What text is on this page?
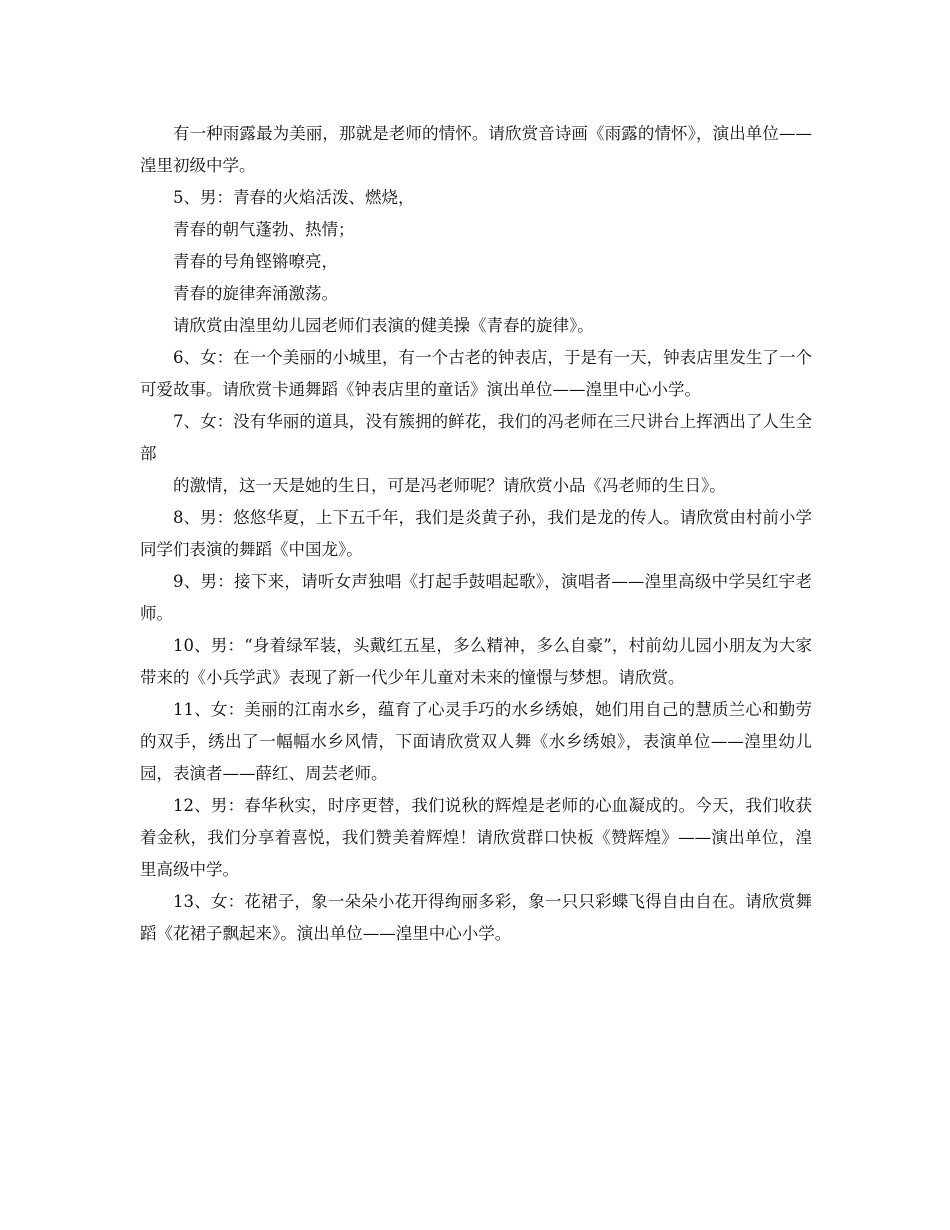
有一种雨露最为美丽，那就是老师的情怀。请欣赏音诗画《雨露的情怀》，演出单位——湟里初级中学。

5、男：青春的火焰活泼、燃烧，

青春的朝气蓬勃、热情；

青春的号角铿锵嘹亮，

青春的旋律奔涌激荡。

请欣赏由湟里幼儿园老师们表演的健美操《青春的旋律》。

6、女：在一个美丽的小城里，有一个古老的钟表店，于是有一天，钟表店里发生了一个可爱故事。请欣赏卡通舞蹈《钟表店里的童话》演出单位——湟里中心小学。

7、女：没有华丽的道具，没有簇拥的鲜花，我们的冯老师在三尺讲台上挥洒出了人生全部

的激情，这一天是她的生日，可是冯老师呢？请欣赏小品《冯老师的生日》。

8、男：悠悠华夏，上下五千年，我们是炎黄子孙，我们是龙的传人。请欣赏由村前小学同学们表演的舞蹈《中国龙》。

9、男：接下来，请听女声独唱《打起手鼓唱起歌》，演唱者——湟里高级中学吴红宇老师。

10、男：“身着绿军装，头戴红五星，多么精神，多么自豪”，村前幼儿园小朋友为大家带来的《小兵学武》表现了新一代少年儿童对未来的憧憬与梦想。请欣赏。

11、女：美丽的江南水乡，蕴育了心灵手巧的水乡绣娘，她们用自己的慧质兰心和勤劳的双手，绣出了一幅幅水乡风情，下面请欣赏双人舞《水乡绣娘》，表演单位——湟里幼儿园，表演者——薛红、周芸老师。

12、男：春华秋实，时序更替，我们说秋的辉煌是老师的心血凝成的。今天，我们收获着金秋，我们分享着喜悦，我们赞美着辉煌！请欣赏群口快板《赞辉煌》——演出单位，湟里高级中学。

13、女：花裙子，象一朵朵小花开得绚丽多彩，象一只只彩蝶飞得自由自在。请欣赏舞蹈《花裙子飘起来》。演出单位——湟里中心小学。
